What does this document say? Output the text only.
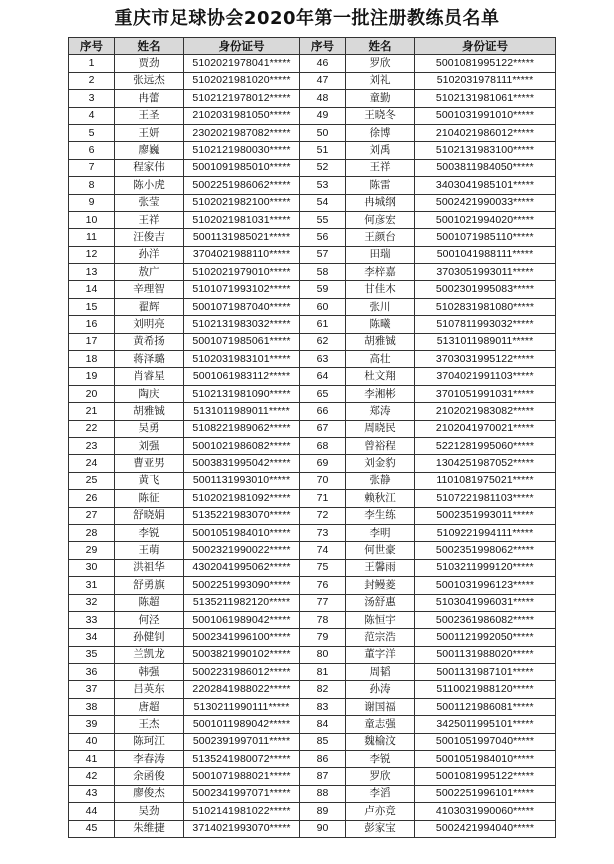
重庆市足球协会2020年第一批注册教练员名单
序号	姓名	身份证号	序号	姓名	身份证号
1	贾劲	5102021978041*****	46	罗欣	5001081995122*****
2	张远杰	5102021981020*****	47	刘礼	5102031978111*****
3	冉蕾	5102121978012*****	48	童勤	5102131981061*****
4	王圣	2102031981050*****	49	王晓冬	5001031991010*****
5	王妍	2302021987082*****	50	徐博	2104021986012*****
6	廖巍	5102121980030*****	51	刘禹	5102131983100*****
7	程家伟	5001091985010*****	52	王祥	5003811984050*****
8	陈小虎	5002251986062*****	53	陈雷	3403041985101*****
9	张莹	5102021982100*****	54	冉城纲	5002421990033*****
10	王祥	5102021981031*****	55	何彦宏	5001021994020*****
11	汪俊吉	5001131985021*****	56	王颜台	5001071985110*****
12	孙洋	3704021988110*****	57	田瑞	5001041988111*****
13	敖广	5102021979010*****	58	李梓嘉	3703051993011*****
14	辛理智	5101071993102*****	59	甘佳木	5002301995083*****
15	翟辉	5001071987040*****	60	张川	5102831981080*****
16	刘明亮	5102131983032*****	61	陈曦	5107811993032*****
17	黄希扬	5001071985061*****	62	胡雅铖	5131011989011*****
18	蒋泽璐	5102031983101*****	63	高壮	3703031995122*****
19	肖睿星	5001061983112*****	64	杜文翔	3704021991103*****
20	陶庆	5102131981090*****	65	李湘彬	3701051991031*****
21	胡雅铖	5131011989011*****	66	郑涛	2102021983082*****
22	吴勇	5108221989062*****	67	周晓民	2102041970021*****
23	刘强	5001021986082*****	68	曾裕程	5221281995060*****
24	曹亚男	5003831995042*****	69	刘金豹	1304251987052*****
25	黄飞	5001131993010*****	70	张静	1101081975021*****
26	陈征	5102021981092*****	71	赖秋江	5107221981103*****
27	舒晓娟	5135221983070*****	72	李生练	5002351993011*****
28	李锐	5001051984010*****	73	李明	5109221994111*****
29	王萌	5002321990022*****	74	何世豪	5002351998062*****
30	洪祖华	4302041995062*****	75	王馨雨	5103211999120*****
31	舒勇旗	5002251993090*****	76	封鳗菱	5001031996123*****
32	陈超	5135211982120*****	77	汤舒惠	5103041996031*****
33	何泾	5001061989042*****	78	陈恒宇	5002361986082*****
34	孙健钊	5002341996100*****	79	范宗浩	5001121992050*****
35	兰凯龙	5003821990102*****	80	董字洋	5001131988020*****
36	韩强	5002231986012*****	81	周韬	5001131987101*****
37	吕英东	2202841988022*****	82	孙涛	5110021988120*****
38	唐超	5130211990111*****	83	谢国福	5001121986081*****
39	王杰	5001011989042*****	84	童志强	3425011995101*****
40	陈珂江	5002391997011*****	85	魏榆汶	5001051997040*****
41	李春涛	5135241980072*****	86	李锐	5001051984010*****
42	余函俊	5001071988021*****	87	罗欣	5001081995122*****
43	廖俊杰	5002341997071*****	88	李滔	5002251996101*****
44	吴劲	5102141981022*****	89	卢亦竞	4103031990060*****
45	朱维捷	3714021993070*****	90	彭家宝	5002421994040*****
